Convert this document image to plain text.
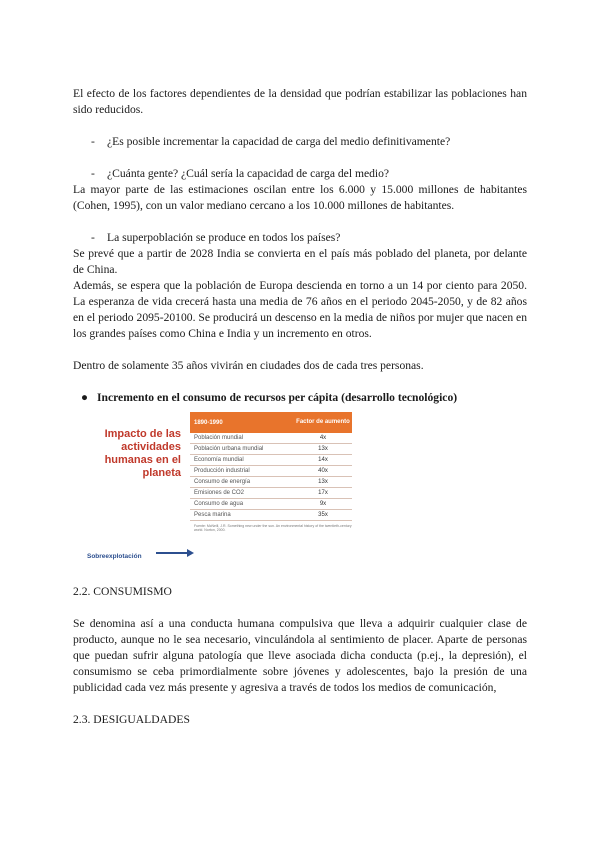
El efecto de los factores dependientes de la densidad que podrían estabilizar las poblaciones han sido reducidos.

-	¿Es posible incrementar la capacidad de carga del medio definitivamente?
-	¿Cuánta gente? ¿Cuál sería la capacidad de carga del medio?

La mayor parte de las estimaciones oscilan entre los 6.000 y 15.000 millones de habitantes (Cohen, 1995), con un valor mediano cercano a los 10.000 millones de habitantes.

-	La superpoblación se produce en todos los países?

Se prevé que a partir de 2028 India se convierta en el país más poblado del planeta, por delante de China.

Además, se espera que la población de Europa descienda en torno a un 14 por ciento para 2050. La esperanza de vida crecerá hasta una media de 76 años en el periodo 2045-2050, y de 82 años en el periodo 2095-20100. Se producirá un descenso en la media de niños por mujer que nacen en los grandes países como China e India y un incremento en otros.

Dentro de solamente 35 años vivirán en ciudades dos de cada tres personas.

● Incremento en el consumo de recursos per cápita (desarrollo tecnológico)
Impacto de las actividades humanas en el planeta
Sobreexplotación
1890-1990	Factor de aumento
Población mundial	4x
Población urbana mundial	13x
Economía mundial	14x
Producción industrial	40x
Consumo de energía	13x
Emisiones de CO2	17x
Consumo de agua	9x
Pesca marina	35x
Fuente: McNeill, J.R. Something new under the sun. An environmental history of the twentieth-century world. Norton, 2000.

2.2. CONSUMISMO

Se denomina así a una conducta humana compulsiva que lleva a adquirir cualquier clase de producto, aunque no le sea necesario, vinculándola al sentimiento de placer. Aparte de personas que puedan sufrir alguna patología que lleve asociada dicha conducta (p.ej., la depresión), el consumismo se ceba primordialmente sobre jóvenes y adolescentes, bajo la presión de una publicidad cada vez más presente y agresiva a través de todos los medios de comunicación,

2.3. DESIGUALDADES
